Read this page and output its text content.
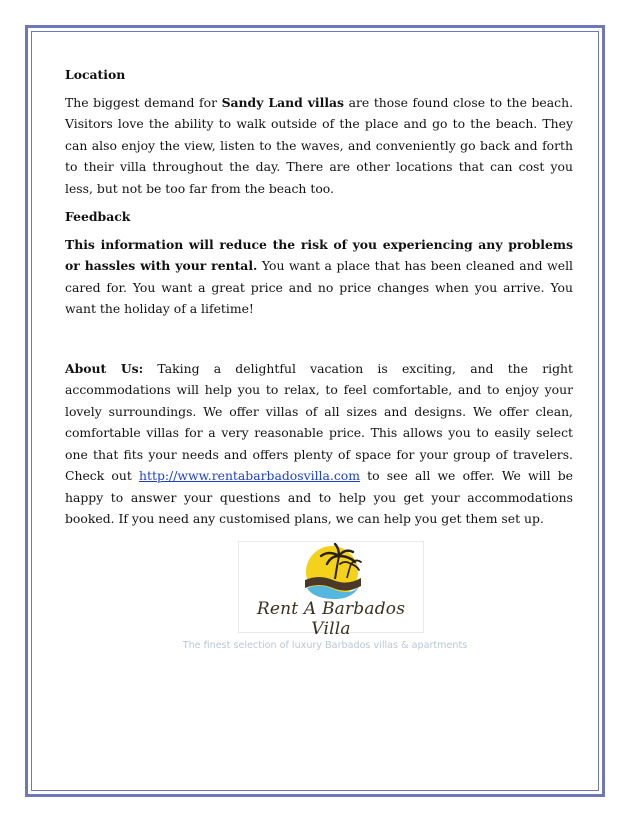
Location

The biggest demand for Sandy Land villas are those found close to the beach. Visitors love the ability to walk outside of the place and go to the beach. They can also enjoy the view, listen to the waves, and conveniently go back and forth to their villa throughout the day. There are other locations that can cost you less, but not be too far from the beach too.

Feedback

This information will reduce the risk of you experiencing any problems or hassles with your rental. You want a place that has been cleaned and well cared for. You want a great price and no price changes when you arrive. You want the holiday of a lifetime!

About Us: Taking a delightful vacation is exciting, and the right accommodations will help you to relax, to feel comfortable, and to enjoy your lovely surroundings. We offer villas of all sizes and designs. We offer clean, comfortable villas for a very reasonable price. This allows you to easily select one that fits your needs and offers plenty of space for your group of travelers. Check out http://www.rentabarbadosvilla.com to see all we offer. We will be happy to answer your questions and to help you get your accommodations booked. If you need any customised plans, we can help you get them set up.

Rent A Barbados Villa
The finest selection of luxury Barbados villas & apartments
